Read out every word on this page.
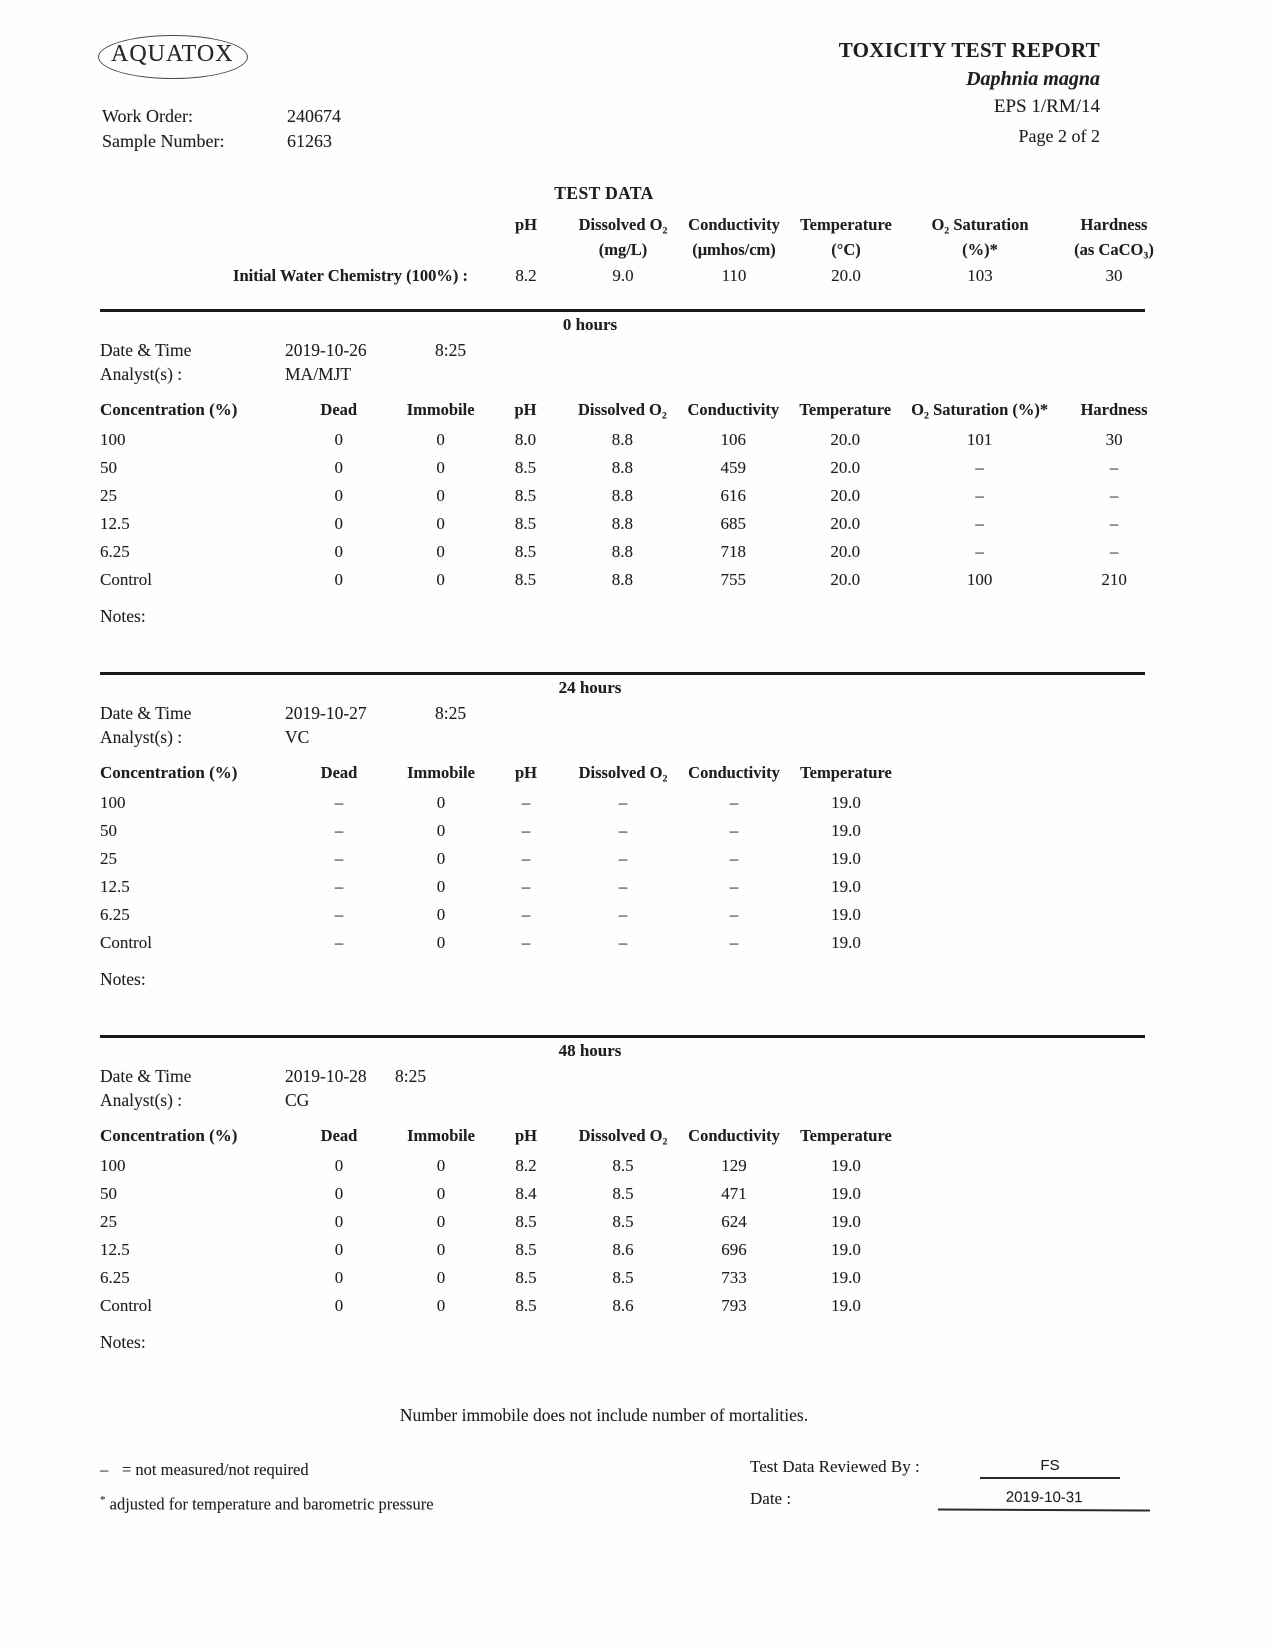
AQUATOX
Work Order:	240674
Sample Number:	61263
TOXICITY TEST REPORT
Daphnia magna
EPS 1/RM/14
Page 2 of 2
TEST DATA
	pH	Dissolved O₂	Conductivity	Temperature	O₂ Saturation	Hardness
		(mg/L)	(μmhos/cm)	(°C)	(%)*	(as CaCO₃)
Initial Water Chemistry (100%) :	8.2	9.0	110	20.0	103	30
0 hours
Date & Time	2019-10-26	8:25
Analyst(s) :	MA/MJT
Concentration (%)	Dead	Immobile	pH	Dissolved O₂	Conductivity	Temperature	O₂ Saturation (%)*	Hardness
100	0	0	8.0	8.8	106	20.0	101	30
50	0	0	8.5	8.8	459	20.0	–	–
25	0	0	8.5	8.8	616	20.0	–	–
12.5	0	0	8.5	8.8	685	20.0	–	–
6.25	0	0	8.5	8.8	718	20.0	–	–
Control	0	0	8.5	8.8	755	20.0	100	210
Notes:
24 hours
Date & Time	2019-10-27	8:25
Analyst(s) :	VC
Concentration (%)	Dead	Immobile	pH	Dissolved O₂	Conductivity	Temperature
100	–	0	–	–	–	19.0
50	–	0	–	–	–	19.0
25	–	0	–	–	–	19.0
12.5	–	0	–	–	–	19.0
6.25	–	0	–	–	–	19.0
Control	–	0	–	–	–	19.0
Notes:
48 hours
Date & Time	2019-10-28	8:25
Analyst(s) :	CG
Concentration (%)	Dead	Immobile	pH	Dissolved O₂	Conductivity	Temperature
100	0	0	8.2	8.5	129	19.0
50	0	0	8.4	8.5	471	19.0
25	0	0	8.5	8.5	624	19.0
12.5	0	0	8.5	8.6	696	19.0
6.25	0	0	8.5	8.5	733	19.0
Control	0	0	8.5	8.6	793	19.0
Notes:
Number immobile does not include number of mortalities.
– = not measured/not required
* adjusted for temperature and barometric pressure
Test Data Reviewed By :	FS
Date :	2019-10-31
